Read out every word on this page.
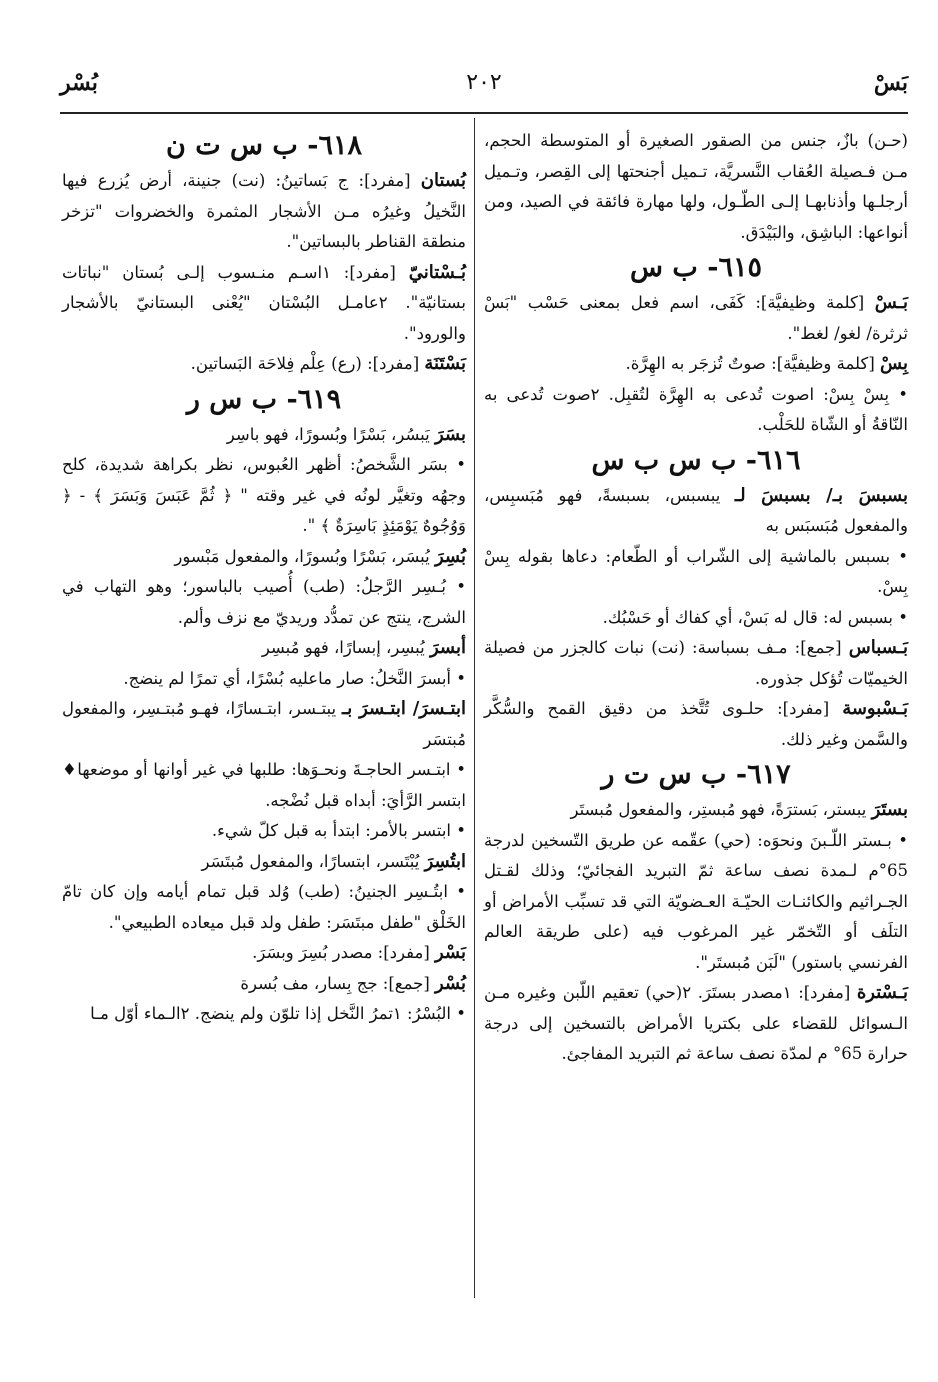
بَسْ
٢٠٢
بُسْر

(حـن) بازٌ، جنس من الصقور الصغيرة أو المتوسطة الحجم، مـن فـصيلة العُقاب النَّسريَّة، تـميل أجنحتها إلى القِصر، وتـميل أرجلـها وأذنابهـا إلـى الطّـول، ولها مهارة فائقة في الصيد، ومن أنواعها: الباشِق، والبَيْدَق.

٦١٥- ب س

بَـسْ [كلمة وظيفيَّة]: كَفَى، اسم فعل بمعنى حَسْب "بَسْ ثرثرة/ لغو/ لغط".

بِسْ [كلمة وظيفيَّة]: صوتٌ تُزجَر به الهِرَّة.

• بِسْ بِسْ: اصوت تُدعى به الهِرَّة لتُقبِل. ٢صوت تُدعى به النّاقةُ أو الشّاة للحَلْب.

٦١٦- ب س ب س

بسبسَ بـ/ بسبسَ لـ يبسبس، بسبسةً، فهو مُبَسبِس، والمفعول مُبَسبَس به

• بسبس بالماشية إلى الشّراب أو الطّعام: دعاها بقوله بِسْ بِسْ.

• بسبس له: قال له بَسْ، أي كفاك أو حَسْبُك.

بَـسباس [جمع]: مـف بسباسة: (نت) نبات كالجزر من فصيلة الخيميّات تُؤكل جذوره.

بَـسْبوسة [مفرد]: حلـوى تُتَّخذ من دقيق القمح والسُّكَّر والسَّمن وغير ذلك.

٦١٧- ب س ت ر

بستَرَ يبستر، بَسترَةً، فهو مُبستِر، والمفعول مُبستَر

• بـستر اللّـبنَ ونحوَه: (حي) عقّمه عن طريق التّسخين لدرجة 65°م لـمدة نصف ساعة ثمّ التبريد الفجائيّ؛ وذلك لقـتل الجـراثيم والكائنـات الحيّـة العـضويّة التي قد تسبِّب الأمراض أو التلَف أو التّخمّر غير المرغوب فيه (على طريقة العالم الفرنسي باستور) "لَبَن مُبستَر".

بَـسْترة [مفرد]: ١مصدر بستَرَ. ٢(حي) تعقيم اللّبن وغيره مـن الـسوائل للقضاء على بكتريا الأمراض بالتسخين إلى درجة حرارة 65° م لمدّة نصف ساعة ثم التبريد المفاجئ.

٦١٨- ب س ت ن

بُستان [مفرد]: ج بَساتينُ: (نت) جنينة، أرض يُزرع فيها النَّخيلُ وغيرُه مـن الأشجار المثمرة والخضروات "تزخر منطقة القناطر بالبساتين".

بُـسْتانيّ [مفرد]: ١اسـم منـسوب إلـى بُستان "نباتات بستانيّة". ٢عامـل البُسْتان "يُعْنى البستانيّ بالأشجار والورود".

بَسْتَنَة [مفرد]: (رع) عِلْم فِلاحَة البَساتين.

٦١٩- ب س ر

بسَرَ يَبسُر، بَسْرًا وبُسورًا، فهو باسِر

• بسَر الشَّخصُ: أظهر العُبوس، نظر بكراهة شديدة، كلح وجهُه وتغيَّر لونُه في غير وقته " ﴿ ثُمَّ عَبَسَ وَبَسَرَ ﴾ - ﴿ وَوُجُوهٌ يَوْمَئِذٍ بَاسِرَةٌ ﴾ ".

بُسِرَ يُبسَر، بَسْرًا وبُسورًا، والمفعول مَبْسور

• بُـسِر الرَّجلُ: (طب) أُصيب بالباسور؛ وهو التهاب في الشرج، ينتج عن تمدُّد وريديّ مع نزف وألم.

أبسرَ يُبسِر، إبسارًا، فهو مُبسِر

• أبسرَ النَّخلُ: صار ماعليه بُسْرًا، أي تمرًا لم ينضج.

ابتـسرَ/ ابتـسرَ بـ يبتـسر، ابتـسارًا، فهـو مُبتـسِر، والمفعول مُبتسَر

• ابتـسر الحاجـةَ ونحـوَها: طلبها في غير أوانها أو موضعها♦ ابتسر الرَّأيَ: أبداه قبل نُضْجه.

• ابتسر بالأمر: ابتدأ به قبل كلّ شيء.

ابتُسِرَ يُبْتَسر، ابتسارًا، والمفعول مُبتَسَر

• ابتُـسِر الجنينُ: (طب) وُلد قبل تمام أيامه وإن كان تامّ الخَلْق "طفل مبتَسَر: طفل ولد قبل ميعاده الطبيعي".

بَسْر [مفرد]: مصدر بُسِرَ وبسَرَ.

بُسْر [جمع]: جج بِسار، مف بُسرة

• البُسْرُ: ١تمرُ النَّخل إذا تلوّن ولم ينضج. ٢الـماء أوّل مـا
